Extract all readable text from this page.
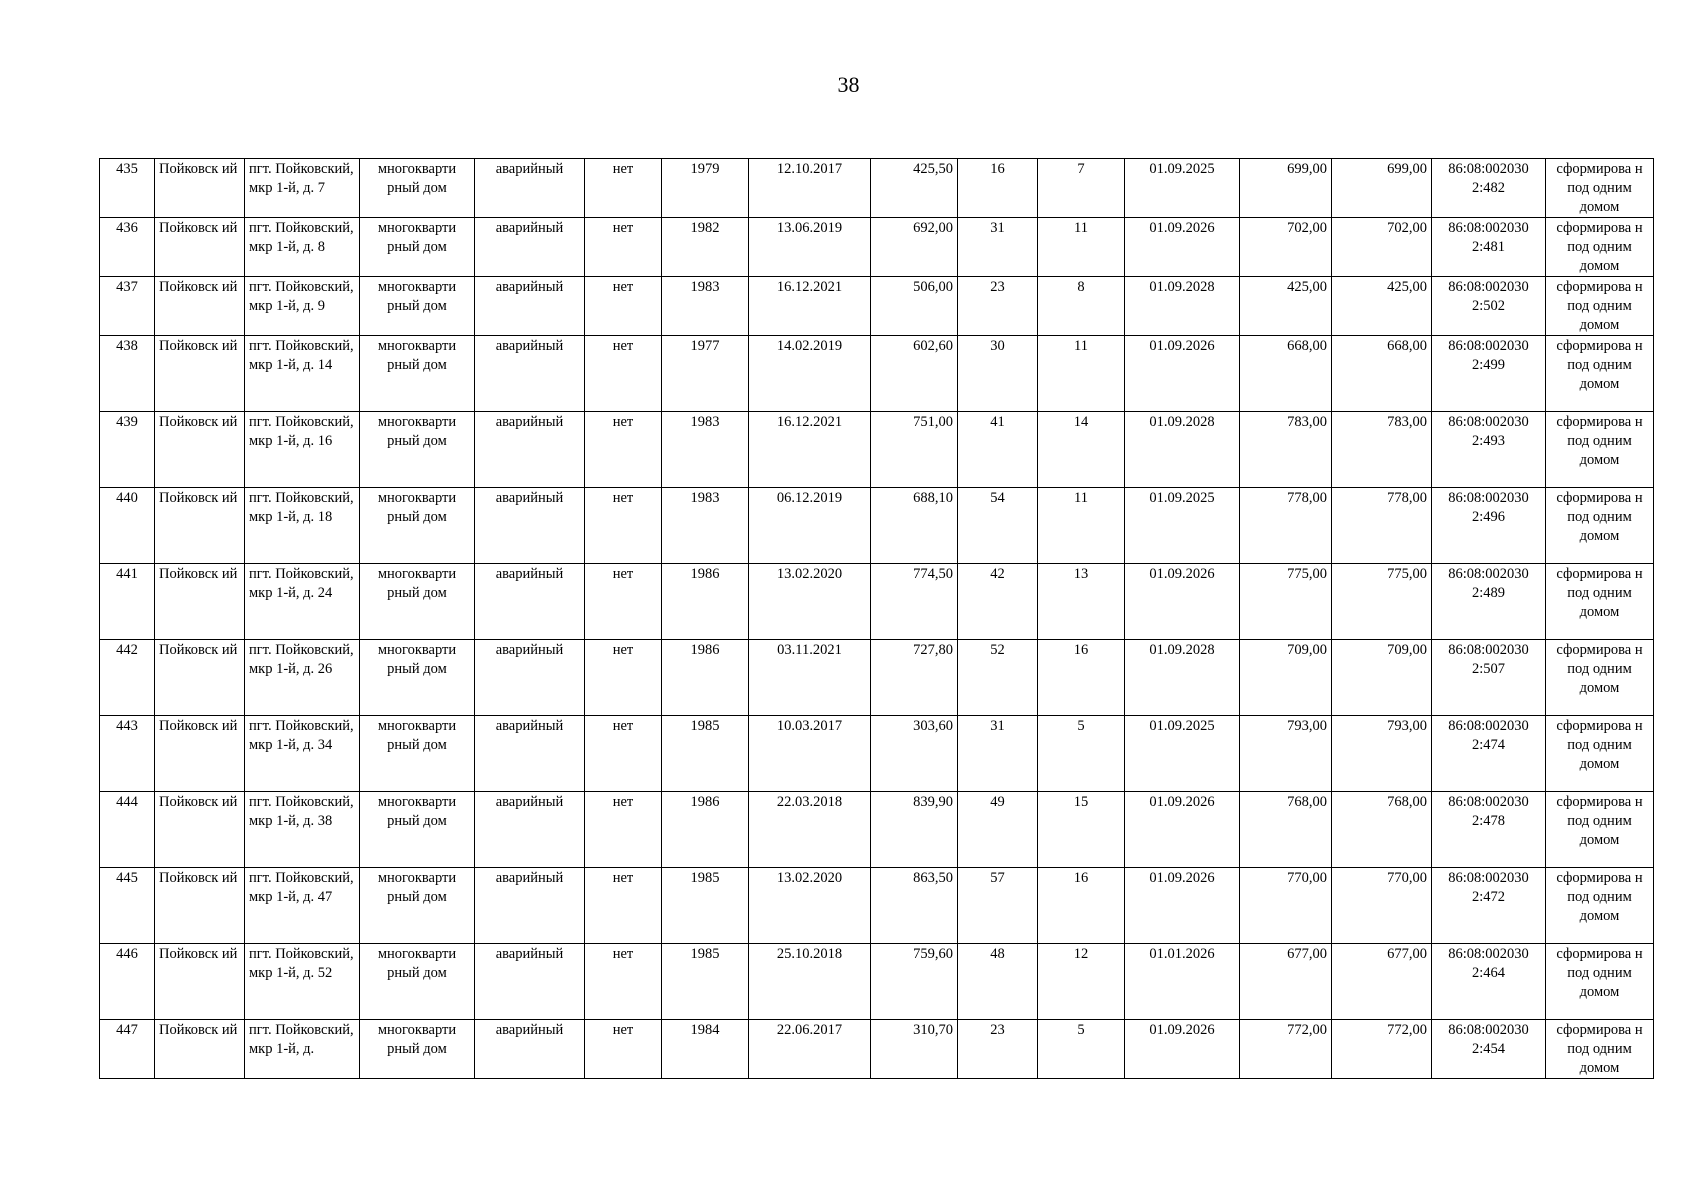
38
435	Пойковск ий	пгт. Пойковский, мкр 1-й, д. 7	многокварти рный дом	аварийный	нет	1979	12.10.2017	425,50	16	7	01.09.2025	699,00	699,00	86:08:002030 2:482	сформирова н под одним домом
436	Пойковск ий	пгт. Пойковский, мкр 1-й, д. 8	многокварти рный дом	аварийный	нет	1982	13.06.2019	692,00	31	11	01.09.2026	702,00	702,00	86:08:002030 2:481	сформирова н под одним домом
437	Пойковск ий	пгт. Пойковский, мкр 1-й, д. 9	многокварти рный дом	аварийный	нет	1983	16.12.2021	506,00	23	8	01.09.2028	425,00	425,00	86:08:002030 2:502	сформирова н под одним домом
438	Пойковск ий	пгт. Пойковский, мкр 1-й, д. 14	многокварти рный дом	аварийный	нет	1977	14.02.2019	602,60	30	11	01.09.2026	668,00	668,00	86:08:002030 2:499	сформирова н под одним домом
439	Пойковск ий	пгт. Пойковский, мкр 1-й, д. 16	многокварти рный дом	аварийный	нет	1983	16.12.2021	751,00	41	14	01.09.2028	783,00	783,00	86:08:002030 2:493	сформирова н под одним домом
440	Пойковск ий	пгт. Пойковский, мкр 1-й, д. 18	многокварти рный дом	аварийный	нет	1983	06.12.2019	688,10	54	11	01.09.2025	778,00	778,00	86:08:002030 2:496	сформирова н под одним домом
441	Пойковск ий	пгт. Пойковский, мкр 1-й, д. 24	многокварти рный дом	аварийный	нет	1986	13.02.2020	774,50	42	13	01.09.2026	775,00	775,00	86:08:002030 2:489	сформирова н под одним домом
442	Пойковск ий	пгт. Пойковский, мкр 1-й, д. 26	многокварти рный дом	аварийный	нет	1986	03.11.2021	727,80	52	16	01.09.2028	709,00	709,00	86:08:002030 2:507	сформирова н под одним домом
443	Пойковск ий	пгт. Пойковский, мкр 1-й, д. 34	многокварти рный дом	аварийный	нет	1985	10.03.2017	303,60	31	5	01.09.2025	793,00	793,00	86:08:002030 2:474	сформирова н под одним домом
444	Пойковск ий	пгт. Пойковский, мкр 1-й, д. 38	многокварти рный дом	аварийный	нет	1986	22.03.2018	839,90	49	15	01.09.2026	768,00	768,00	86:08:002030 2:478	сформирова н под одним домом
445	Пойковск ий	пгт. Пойковский, мкр 1-й, д. 47	многокварти рный дом	аварийный	нет	1985	13.02.2020	863,50	57	16	01.09.2026	770,00	770,00	86:08:002030 2:472	сформирова н под одним домом
446	Пойковск ий	пгт. Пойковский, мкр 1-й, д. 52	многокварти рный дом	аварийный	нет	1985	25.10.2018	759,60	48	12	01.01.2026	677,00	677,00	86:08:002030 2:464	сформирова н под одним домом
447	Пойковск ий	пгт. Пойковский, мкр 1-й, д.	многокварти рный дом	аварийный	нет	1984	22.06.2017	310,70	23	5	01.09.2026	772,00	772,00	86:08:002030 2:454	сформирова н под одним домом
